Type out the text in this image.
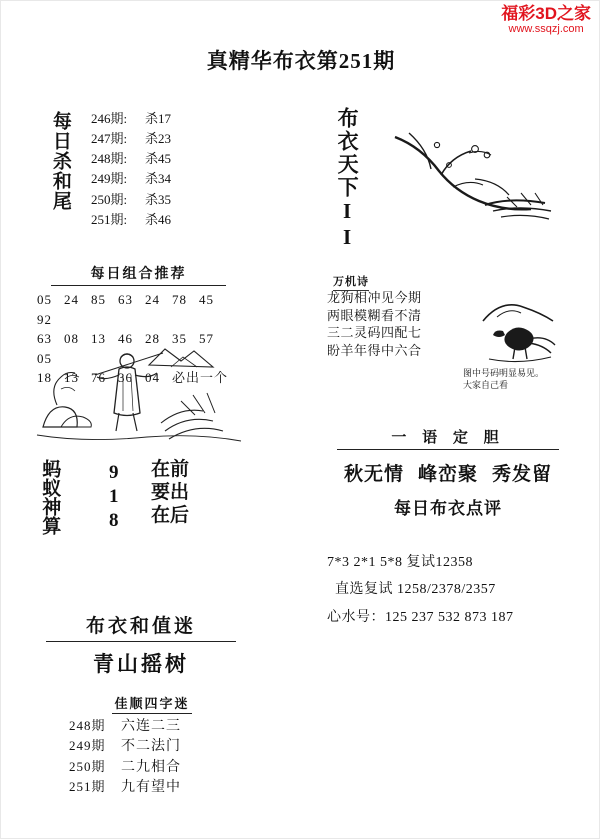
福彩3D之家
www.ssqzj.com
真精华布衣第251期
每日杀和尾 246期: 杀17
247期: 杀23
248期: 杀45
249期: 杀34
250期: 杀35
251期: 杀46
每日组合推荐
05 24 85 63 24 78 4592
63 08 13 46 28 35 5705
18 13 76 36 04 必出一个
蚂蚁神算	9
1
8
在前
要出
在后
布衣和值迷
青山摇树
佳顺四字迷
248期 六连二三
249期 不二法门
250期 二九相合
251期 九有望中
布衣天下II
万机诗
龙狗相冲见今期
两眼模糊看不清
三二灵码四配七
盼羊年得中六合
图中号码明显易见。
大家自己看
一 语 定 胆
秋无情 峰峦聚 秀发留
每日布衣点评
7*3 2*1 5*8 复试12358
直选复试 1258/2378/2357
心水号：125 237 532 873 187
